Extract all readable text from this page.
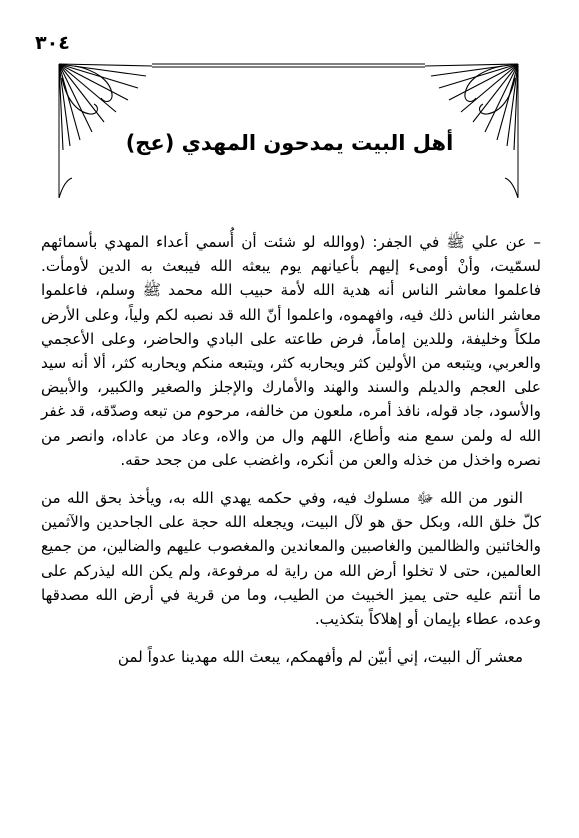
٣٠٤
أهل البيت يمدحون المهدي (عج)

– عن علي ﷺ في الجفر: (ووالله لو شئت أن أُسمي أعداء المهدي بأسمائهم لسمّيت، وأنْ أومىء إليهم بأعيانهم يوم يبعثه الله فيبعث به الدين لأومأت. فاعلموا معاشر الناس أنه هدية الله لأمة حبيب الله محمد ﷺ وسلم، فاعلموا معاشر الناس ذلك فيه، وافهموه، واعلموا أنّ الله قد نصبه لكم ولياً، وعلى الأرض ملكاً وخليفة، وللدين إماماً، فرض طاعته على البادي والحاضر، وعلى الأعجمي والعربي، ويتبعه من الأولين كثر ويحاربه كثر، ويتبعه منكم ويحاربه كثر، ألا أنه سيد على العجم والديلم والسند والهند والأمارك والإجلز والصغير والكبير، والأبيض والأسود، جاد قوله، نافذ أمره، ملعون من خالفه، مرحوم من تبعه وصدّقه، قد غفر الله له ولمن سمع منه وأطاع، اللهم وال من والاه، وعاد من عاداه، وانصر من نصره واخذل من خذله والعن من أنكره، واغضب على من جحد حقه.

النور من الله ﷻ مسلوك فيه، وفي حكمه يهدي الله به، ويأخذ بحق الله من كلّ خلق الله، وبكل حق هو لآل البيت، ويجعله الله حجة على الجاحدين والآثمين والخائنين والظالمين والغاصبين والمعاندين والمغصوب عليهم والضالين، من جميع العالمين، حتى لا تخلوا أرض الله من راية له مرفوعة، ولم يكن الله ليذركم على ما أنتم عليه حتى يميز الخبيث من الطيب، وما من قرية في أرض الله مصدقها وعده، عطاء بإيمان أو إهلاكاً بتكذيب.

معشر آل البيت، إني أبيّن لم وأفهمكم، يبعث الله مهدينا عدواً لمن
